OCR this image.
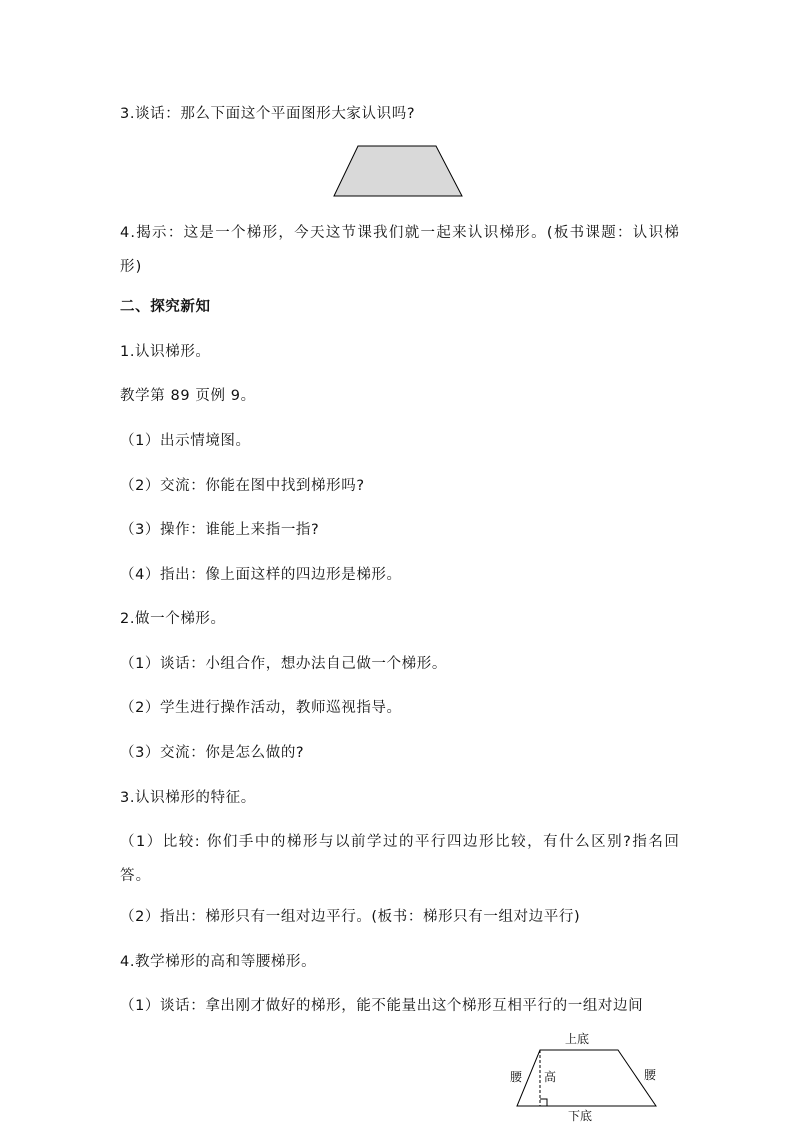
3.谈话：那么下面这个平面图形大家认识吗?
4.揭示：这是一个梯形，今天这节课我们就一起来认识梯形。(板书课题：认识梯形)
二、探究新知
1.认识梯形。
教学第 89 页例 9。
（1）出示情境图。
（2）交流：你能在图中找到梯形吗?
（3）操作：谁能上来指一指?
（4）指出：像上面这样的四边形是梯形。
2.做一个梯形。
（1）谈话：小组合作，想办法自己做一个梯形。
（2）学生进行操作活动，教师巡视指导。
（3）交流：你是怎么做的?
3.认识梯形的特征。
（1）比较: 你们手中的梯形与以前学过的平行四边形比较，有什么区别?指名回答。
（2）指出：梯形只有一组对边平行。(板书：梯形只有一组对边平行)
4.教学梯形的高和等腰梯形。
（1）谈话：拿出刚才做好的梯形，能不能量出这个梯形互相平行的一组对边间
上底
下底
腰	腰
高
